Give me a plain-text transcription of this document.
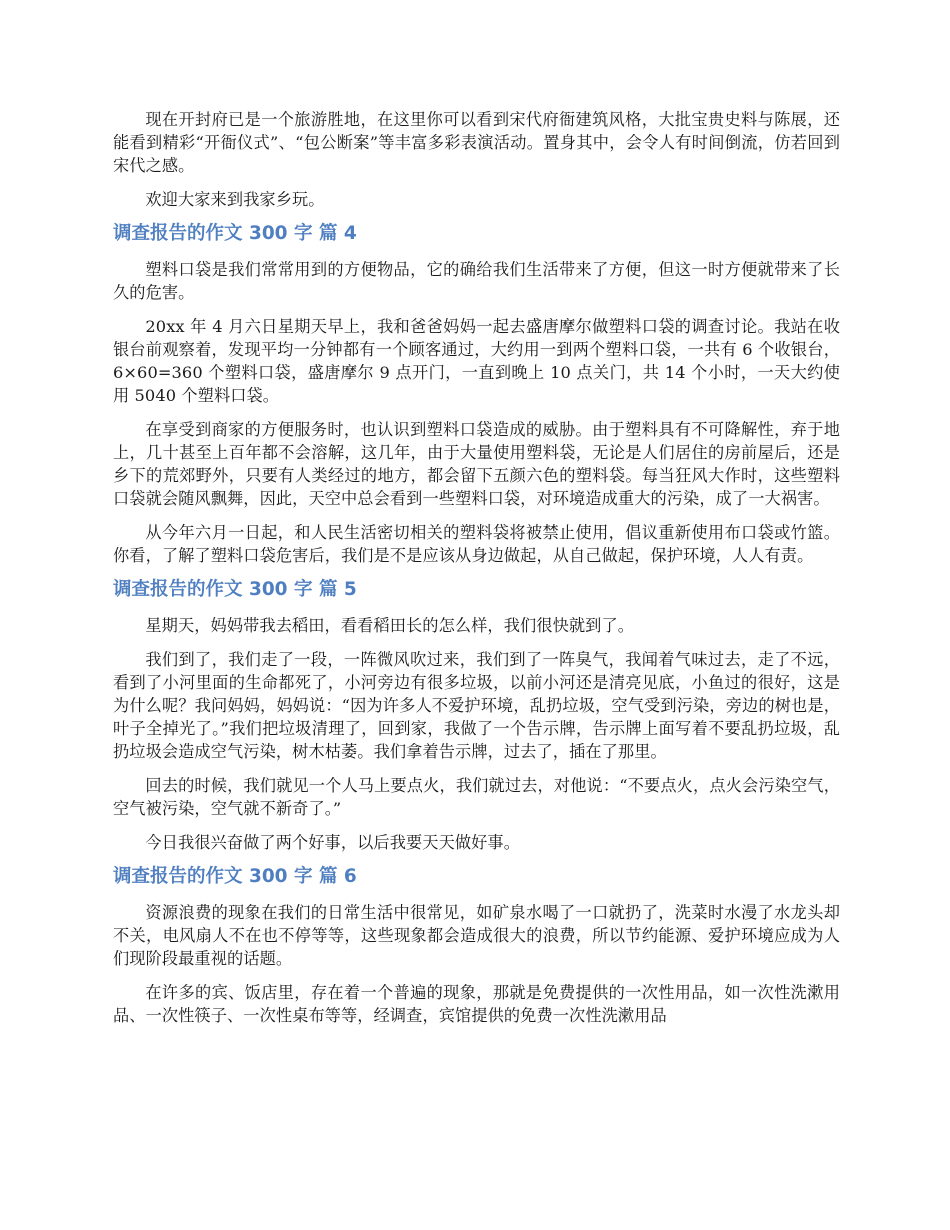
现在开封府已是一个旅游胜地，在这里你可以看到宋代府衙建筑风格，大批宝贵史料与陈展，还能看到精彩“开衙仪式”、“包公断案”等丰富多彩表演活动。置身其中，会令人有时间倒流，仿若回到宋代之感。

欢迎大家来到我家乡玩。

调查报告的作文 300 字 篇 4

塑料口袋是我们常常用到的方便物品，它的确给我们生活带来了方便，但这一时方便就带来了长久的危害。

20xx 年 4 月六日星期天早上，我和爸爸妈妈一起去盛唐摩尔做塑料口袋的调查讨论。我站在收银台前观察着，发现平均一分钟都有一个顾客通过，大约用一到两个塑料口袋，一共有 6 个收银台，6×60=360 个塑料口袋，盛唐摩尔 9 点开门，一直到晚上 10 点关门，共 14 个小时，一天大约使用 5040 个塑料口袋。

在享受到商家的方便服务时，也认识到塑料口袋造成的威胁。由于塑料具有不可降解性，弃于地上，几十甚至上百年都不会溶解，这几年，由于大量使用塑料袋，无论是人们居住的房前屋后，还是乡下的荒郊野外，只要有人类经过的地方，都会留下五颜六色的塑料袋。每当狂风大作时，这些塑料口袋就会随风飘舞，因此，天空中总会看到一些塑料口袋，对环境造成重大的污染，成了一大祸害。

从今年六月一日起，和人民生活密切相关的塑料袋将被禁止使用，倡议重新使用布口袋或竹篮。你看，了解了塑料口袋危害后，我们是不是应该从身边做起，从自己做起，保护环境，人人有责。

调查报告的作文 300 字 篇 5

星期天，妈妈带我去稻田，看看稻田长的怎么样，我们很快就到了。

我们到了，我们走了一段，一阵微风吹过来，我们到了一阵臭气，我闻着气味过去，走了不远，看到了小河里面的生命都死了，小河旁边有很多垃圾，以前小河还是清亮见底，小鱼过的很好，这是为什么呢？我问妈妈，妈妈说：“因为许多人不爱护环境，乱扔垃圾，空气受到污染，旁边的树也是，叶子全掉光了。”我们把垃圾清理了，回到家，我做了一个告示牌，告示牌上面写着不要乱扔垃圾，乱扔垃圾会造成空气污染，树木枯萎。我们拿着告示牌，过去了，插在了那里。

回去的时候，我们就见一个人马上要点火，我们就过去，对他说：“不要点火，点火会污染空气，空气被污染，空气就不新奇了。”

今日我很兴奋做了两个好事，以后我要天天做好事。

调查报告的作文 300 字 篇 6

资源浪费的现象在我们的日常生活中很常见，如矿泉水喝了一口就扔了，洗菜时水漫了水龙头却不关，电风扇人不在也不停等等，这些现象都会造成很大的浪费，所以节约能源、爱护环境应成为人们现阶段最重视的话题。

在许多的宾、饭店里，存在着一个普遍的现象，那就是免费提供的一次性用品，如一次性洗漱用品、一次性筷子、一次性桌布等等，经调查，宾馆提供的免费一次性洗漱用品
